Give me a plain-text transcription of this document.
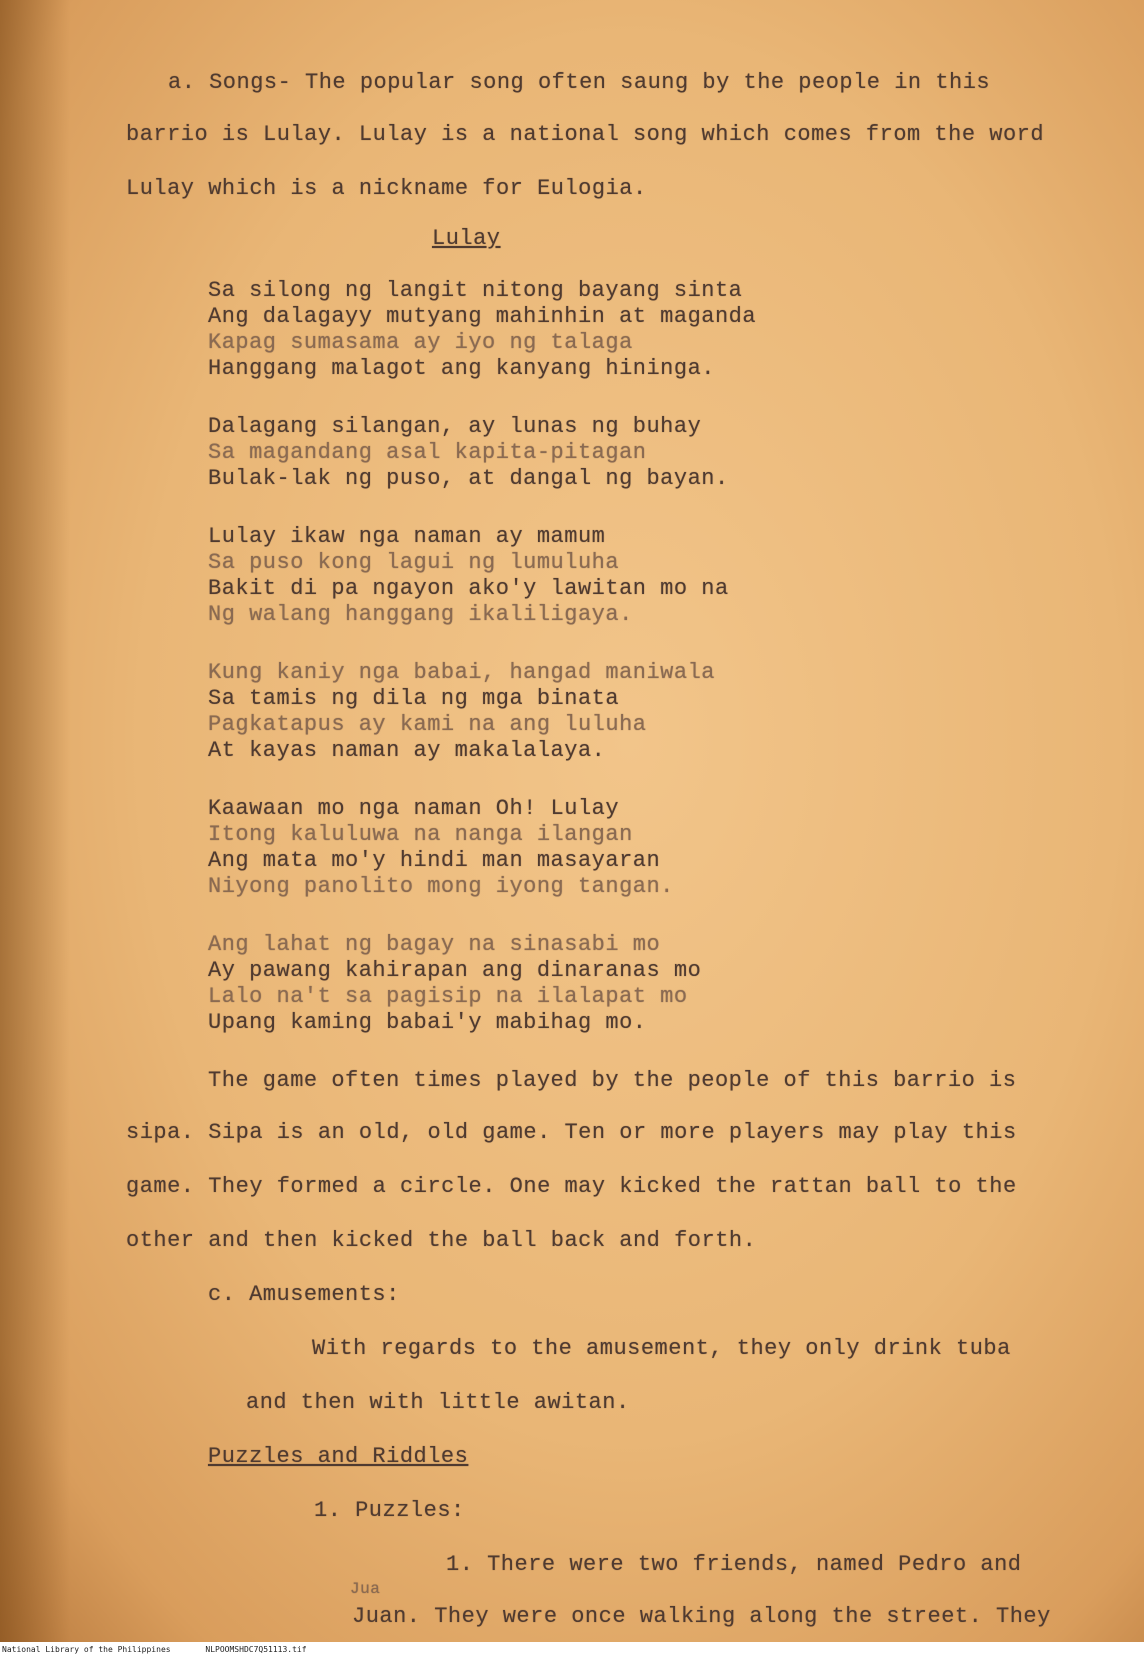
a. Songs- The popular song often saung by the people in this
barrio is Lulay. Lulay is a national song which comes from the word
Lulay which is a nickname for Eulogia.
Lulay
Sa silong ng langit nitong bayang sinta
Ang dalagayy mutyang mahinhin at maganda
Kapag sumasama ay iyo ng talaga
Hanggang malagot ang kanyang hininga.
Dalagang silangan, ay lunas ng buhay
Sa magandang asal kapita-pitagan
Bulak-lak ng puso, at dangal ng bayan.
Lulay ikaw nga naman ay mamum
Sa puso kong lagui ng lumuluha
Bakit di pa ngayon ako'y lawitan mo na
Ng walang hanggang ikaliligaya.
Kung kaniy nga babai, hangad maniwala
Sa tamis ng dila ng mga binata
Pagkatapus ay kami na ang luluha
At kayas naman ay makalalaya.
Kaawaan mo nga naman Oh! Lulay
Itong kaluluwa na nanga ilangan
Ang mata mo'y hindi man masayaran
Niyong panolito mong iyong tangan.
Ang lahat ng bagay na sinasabi mo
Ay pawang kahirapan ang dinaranas mo
Lalo na't sa pagisip na ilalapat mo
Upang kaming babai'y mabihag mo.
The game often times played by the people of this barrio is
sipa. Sipa is an old, old game. Ten or more players may play this
game. They formed a circle. One may kicked the rattan ball to the
other and then kicked the ball back and forth.
c. Amusements:
With regards to the amusement, they only drink tuba
and then with little awitan.
Puzzles and Riddles
1. Puzzles:
1. There were two friends, named Pedro and
Jua
Juan. They were once walking along the street. They
National Library of the Philippines	NLPOOMSHDC7Q51113.tif
